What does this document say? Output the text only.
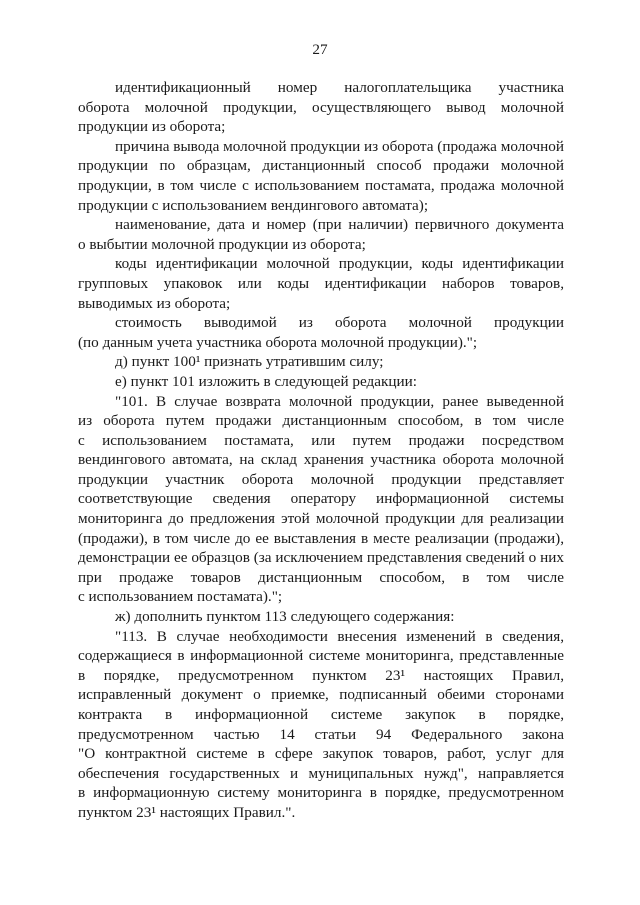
27
идентификационный номер налогоплательщика участника
оборота молочной продукции, осуществляющего вывод молочной
продукции из оборота;
причина вывода молочной продукции из оборота (продажа молочной
продукции по образцам, дистанционный способ продажи молочной
продукции, в том числе с использованием постамата, продажа молочной
продукции с использованием вендингового автомата);
наименование, дата и номер (при наличии) первичного документа
о выбытии молочной продукции из оборота;
коды идентификации молочной продукции, коды идентификации
групповых упаковок или коды идентификации наборов товаров,
выводимых из оборота;
стоимость выводимой из оборота молочной продукции
(по данным учета участника оборота молочной продукции).";
д) пункт 100¹ признать утратившим силу;
е) пункт 101 изложить в следующей редакции:
"101. В случае возврата молочной продукции, ранее выведенной
из оборота путем продажи дистанционным способом, в том числе
с использованием постамата, или путем продажи посредством
вендингового автомата, на склад хранения участника оборота молочной
продукции участник оборота молочной продукции представляет
соответствующие сведения оператору информационной системы
мониторинга до предложения этой молочной продукции для реализации
(продажи), в том числе до ее выставления в месте реализации (продажи),
демонстрации ее образцов (за исключением представления сведений о них
при продаже товаров дистанционным способом, в том числе
с использованием постамата).";
ж) дополнить пунктом 113 следующего содержания:
"113. В случае необходимости внесения изменений в сведения,
содержащиеся в информационной системе мониторинга, представленные
в порядке, предусмотренном пунктом 23¹ настоящих Правил,
исправленный документ о приемке, подписанный обеими сторонами
контракта в информационной системе закупок в порядке,
предусмотренном частью 14 статьи 94 Федерального закона
"О контрактной системе в сфере закупок товаров, работ, услуг для
обеспечения государственных и муниципальных нужд", направляется
в информационную систему мониторинга в порядке, предусмотренном
пунктом 23¹ настоящих Правил.".
